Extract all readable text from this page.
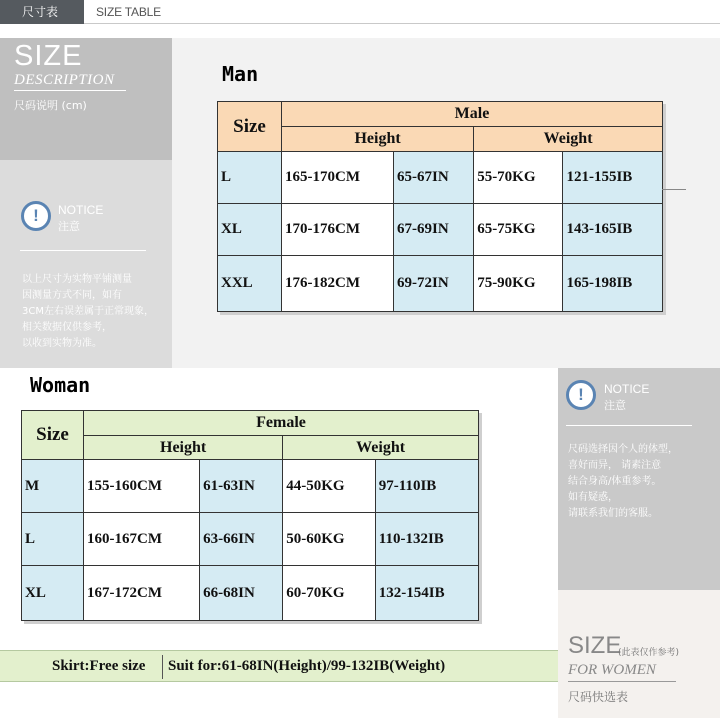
尺寸表	SIZE TABLE
SIZE
DESCRIPTION
尺码说明 (cm)
!	NOTICE
注意
以上尺寸为实物平铺测量
因测量方式不同，如有
3CM左右误差属于正常现象，
相关数据仅供参考，
以收到实物为准。
Man
Size	Male			
	Height		Weight	
L	165-170CM	65-67IN	55-70KG	121-155IB
XL	170-176CM	67-69IN	65-75KG	143-165IB
XXL	176-182CM	69-72IN	75-90KG	165-198IB
!	NOTICE
注意
尺码选择因个人的体型，
喜好而异， 请素注意
结合身高/体重参考。
如有疑惑，
请联系我们的客服。
Woman
Size	Female			
	Height		Weight	
M	155-160CM	61-63IN	44-50KG	97-110IB
L	160-167CM	63-66IN	50-60KG	110-132IB
XL	167-172CM	66-68IN	60-70KG	132-154IB
Skirt:Free size Suit for:61-68IN(Height)/99-132IB(Weight)
SIZE
(此表仅作参考)
FOR WOMEN
尺码快选表
